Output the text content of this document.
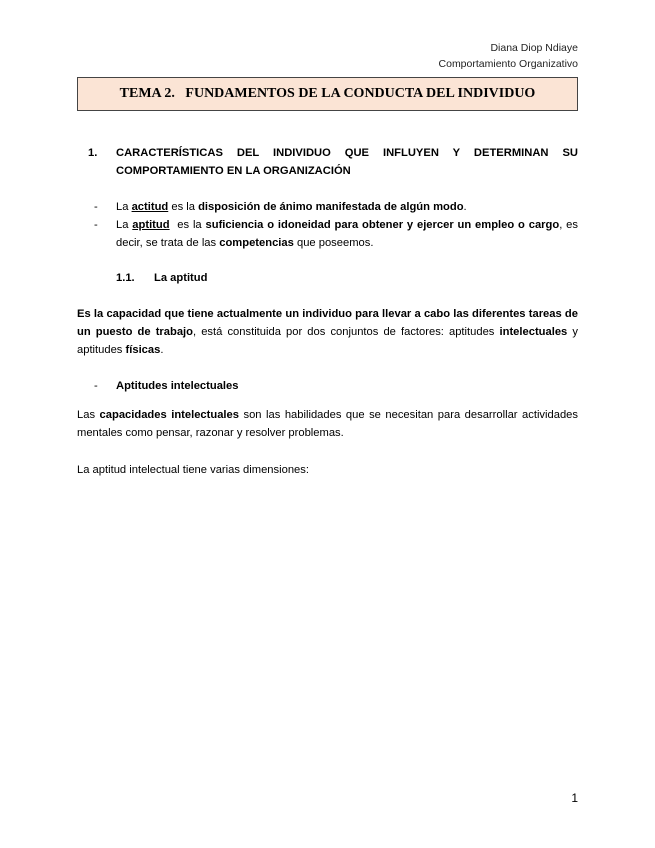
Diana Diop Ndiaye
Comportamiento Organizativo
TEMA 2.
FUNDAMENTOS DE LA CONDUCTA DEL INDIVIDUO
1. CARACTERÍSTICAS DEL INDIVIDUO QUE INFLUYEN Y DETERMINAN SU
COMPORTAMIENTO EN LA ORGANIZACIÓN
- La actitud es la disposición de ánimo manifestada de algún modo.
- La aptitud  es la suficiencia o idoneidad para obtener y ejercer un empleo o cargo, es
decir, se trata de las competencias que poseemos.
1.1. La aptitud
Es la capacidad que tiene actualmente un individuo para llevar a cabo las diferentes tareas de
un puesto de trabajo, está constituida por dos conjuntos de factores: aptitudes intelectuales y
aptitudes físicas.
- Aptitudes intelectuales
Las capacidades intelectuales son las habilidades que se necesitan para desarrollar actividades
mentales como pensar, razonar y resolver problemas.
La aptitud intelectual tiene varias dimensiones:
1
